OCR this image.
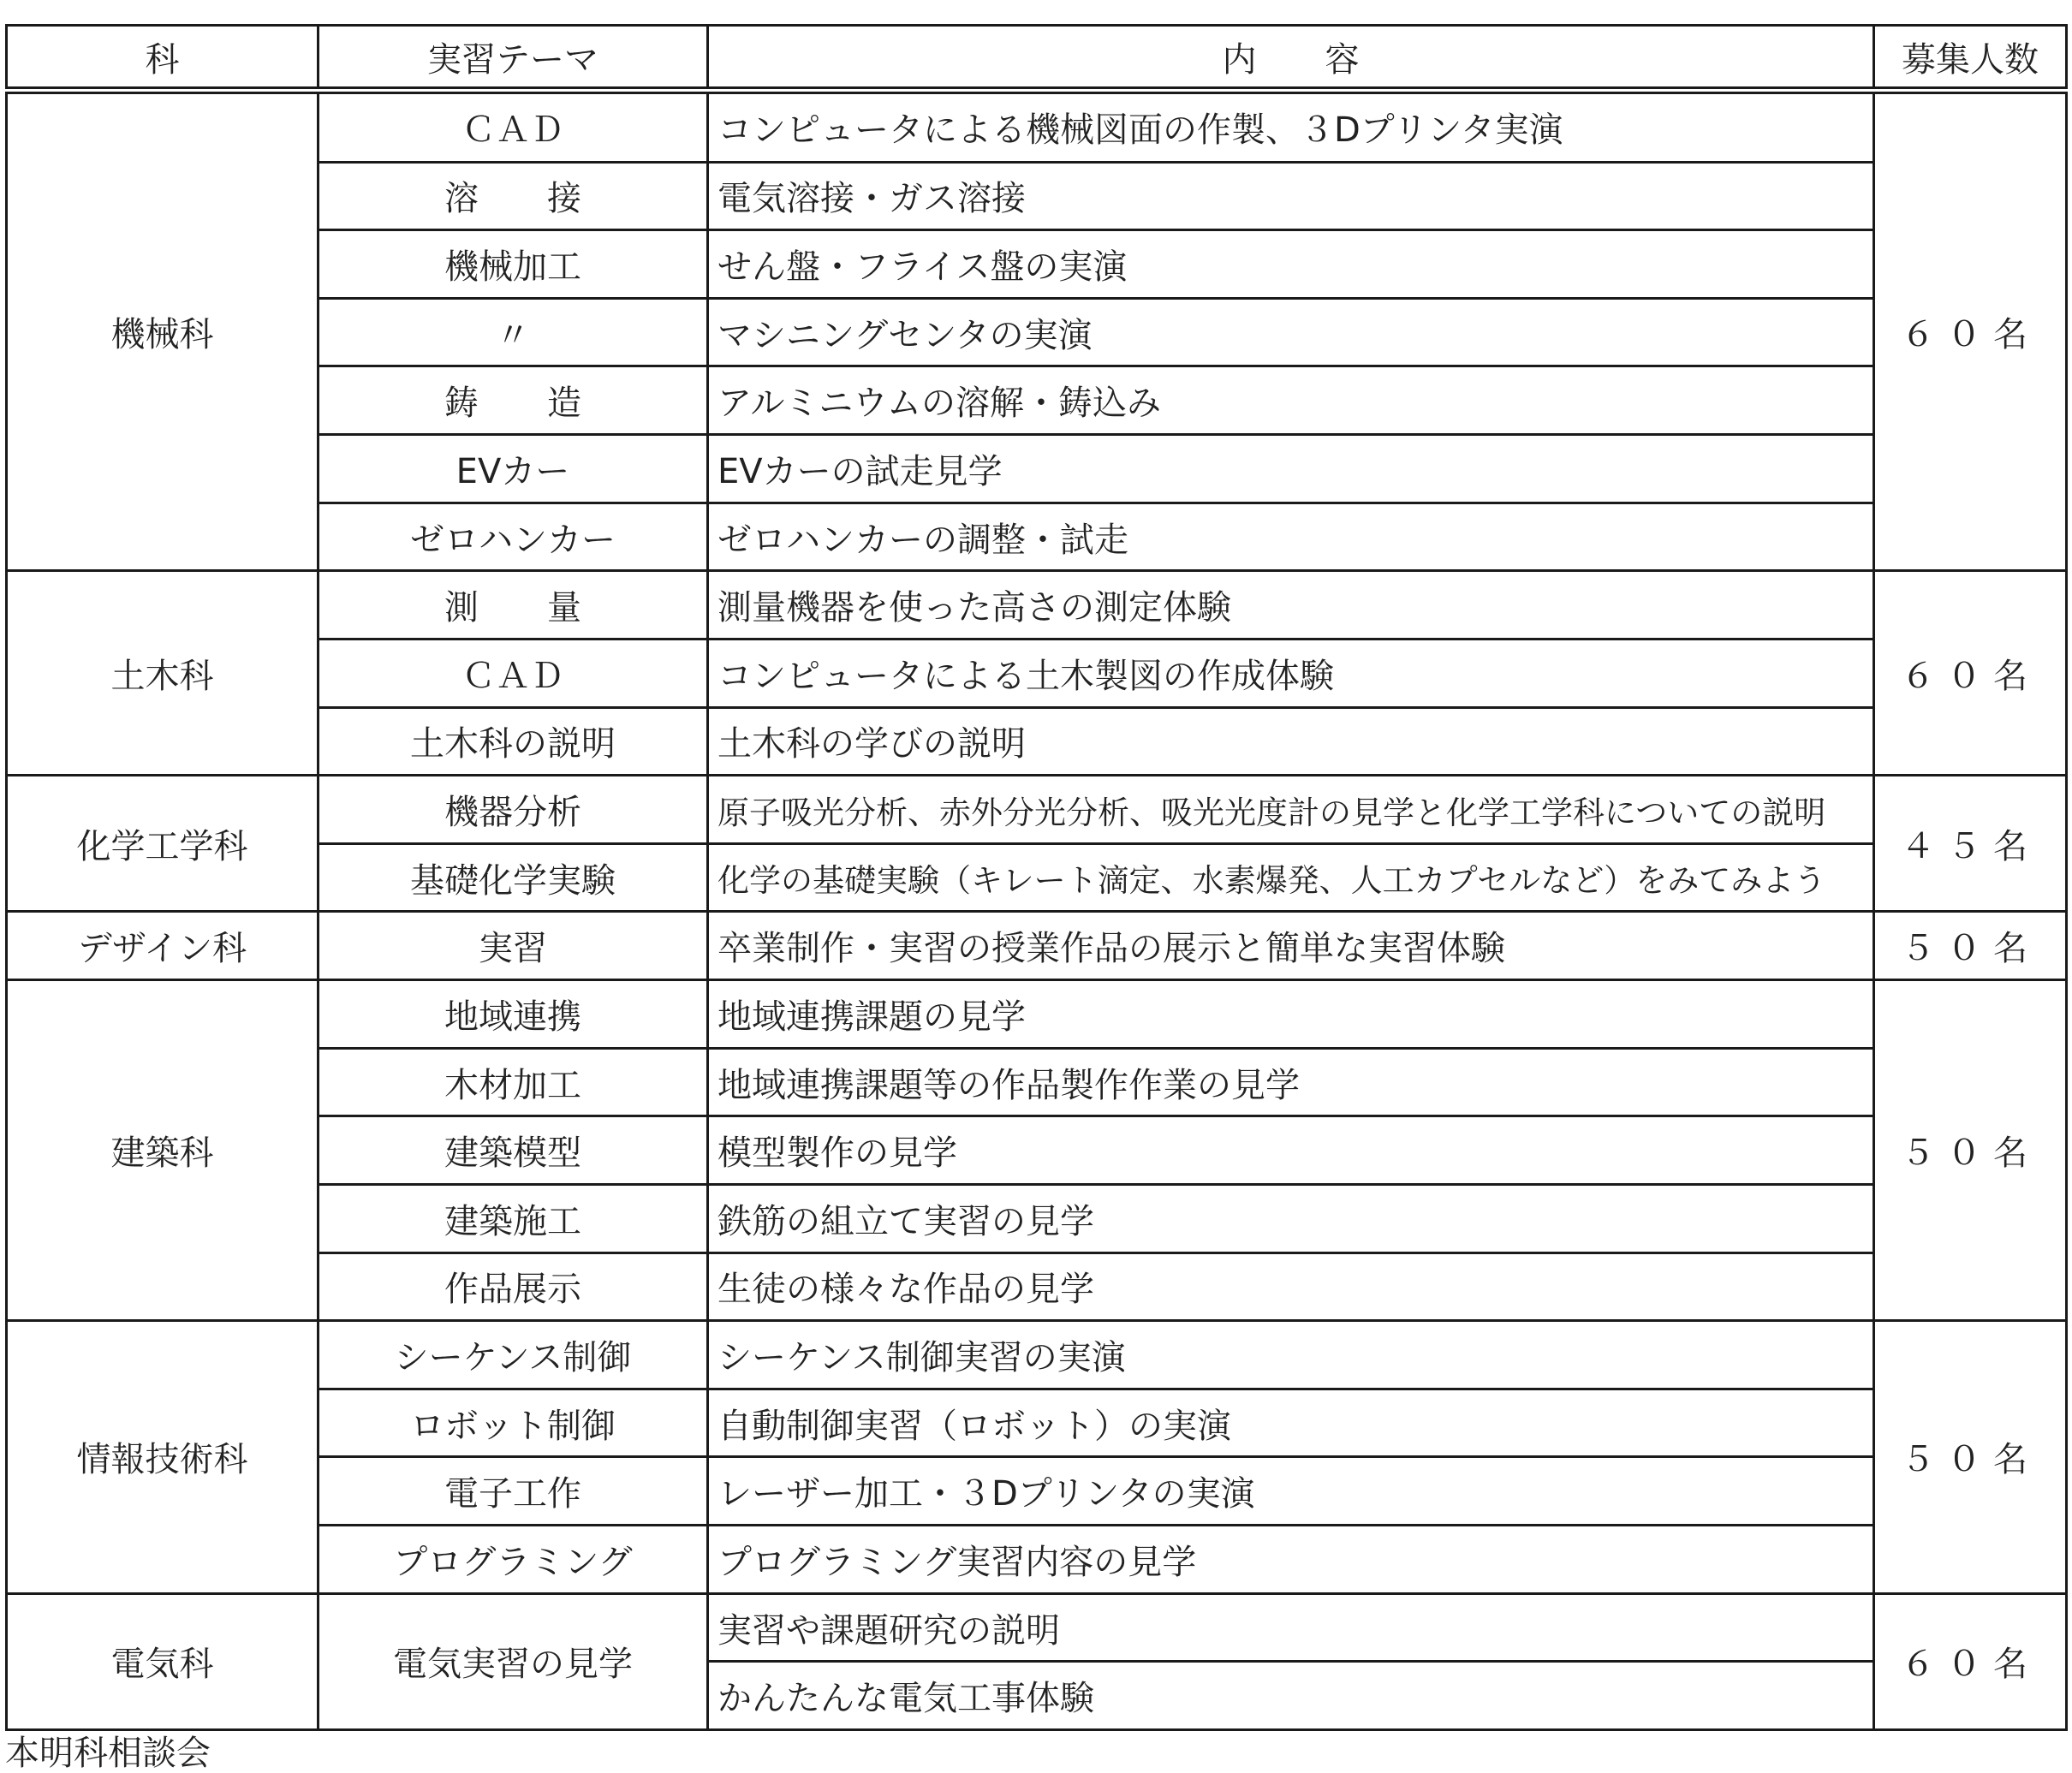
科	実習テーマ	内　　容	募集人数
機械科	ＣＡＤ	コンピュータによる機械図面の作製、３Dプリンタ実演	６０名
	溶　　接	電気溶接・ガス溶接	
	機械加工	せん盤・フライス盤の実演	
	〃	マシニングセンタの実演	
	鋳　　造	アルミニウムの溶解・鋳込み	
	EVカー	EVカーの試走見学	
	ゼロハンカー	ゼロハンカーの調整・試走	
土木科	測　　量	測量機器を使った高さの測定体験	６０名
	ＣＡＤ	コンピュータによる土木製図の作成体験	
	土木科の説明	土木科の学びの説明	
化学工学科	機器分析	原子吸光分析、赤外分光分析、吸光光度計の見学と化学工学科についての説明	４５名
	基礎化学実験	化学の基礎実験（キレート滴定、水素爆発、人工カプセルなど）をみてみよう	
デザイン科	実習	卒業制作・実習の授業作品の展示と簡単な実習体験	５０名
建築科	地域連携	地域連携課題の見学	５０名
	木材加工	地域連携課題等の作品製作作業の見学	
	建築模型	模型製作の見学	
	建築施工	鉄筋の組立て実習の見学	
	作品展示	生徒の様々な作品の見学	
情報技術科	シーケンス制御	シーケンス制御実習の実演	５０名
	ロボット制御	自動制御実習（ロボット）の実演	
	電子工作	レーザー加工・３Dプリンタの実演	
	プログラミング	プログラミング実習内容の見学	
電気科	電気実習の見学	実習や課題研究の説明	６０名
		かんたんな電気工事体験	
本明科相談会
